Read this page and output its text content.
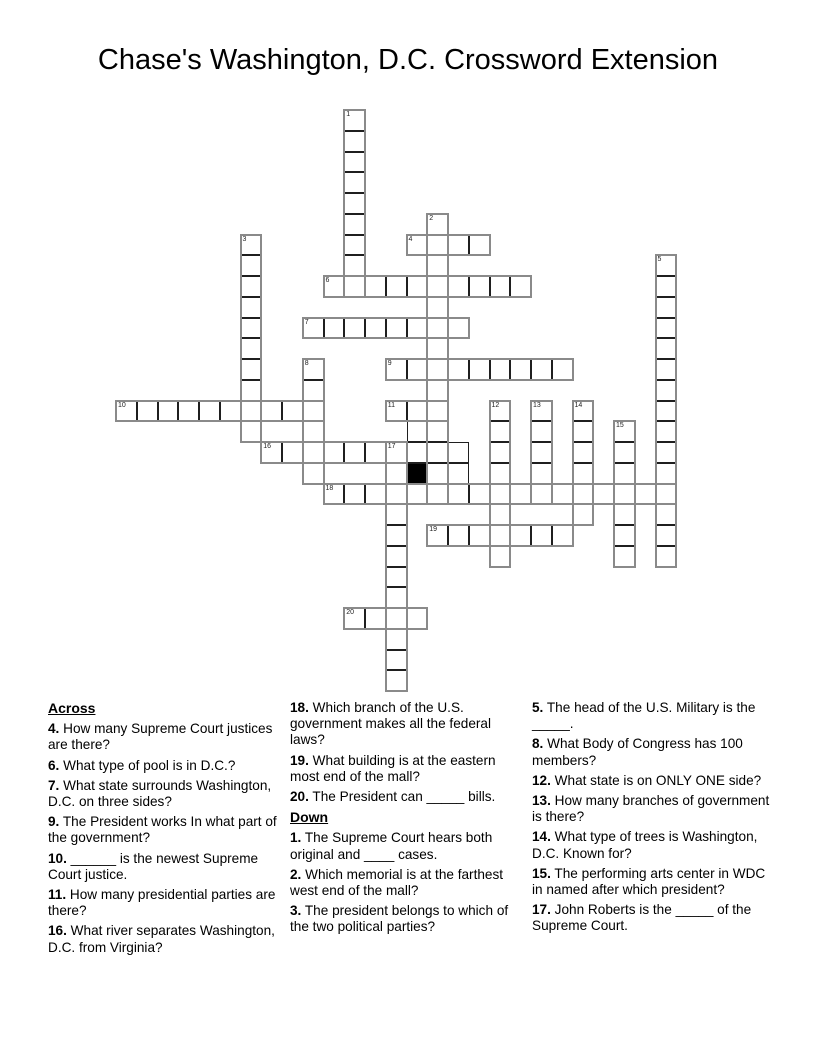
Chase's Washington, D.C. Crossword Extension
1
2
3	4
5
6
7
8	9
10	11	12	13	14
15
16	17
18
19
20
Across
4. How many Supreme Court justices are there?
6. What type of pool is in D.C.?
7. What state surrounds Washington, D.C. on three sides?
9. The President works In what part of the government?
10. ______ is the newest Supreme Court justice.
11. How many presidential parties are there?
16. What river separates Washington, D.C. from Virginia?
18. Which branch of the U.S. government makes all the federal laws?
19. What building is at the eastern most end of the mall?
20. The President can _____ bills.
Down
1. The Supreme Court hears both original and ____ cases.
2. Which memorial is at the farthest west end of the mall?
3. The president belongs to which of the two political parties?
5. The head of the U.S. Military is the _____.
8. What Body of Congress has 100 members?
12. What state is on ONLY ONE side?
13. How many branches of government is there?
14. What type of trees is Washington, D.C. Known for?
15. The performing arts center in WDC in named after which president?
17. John Roberts is the _____ of the Supreme Court.
